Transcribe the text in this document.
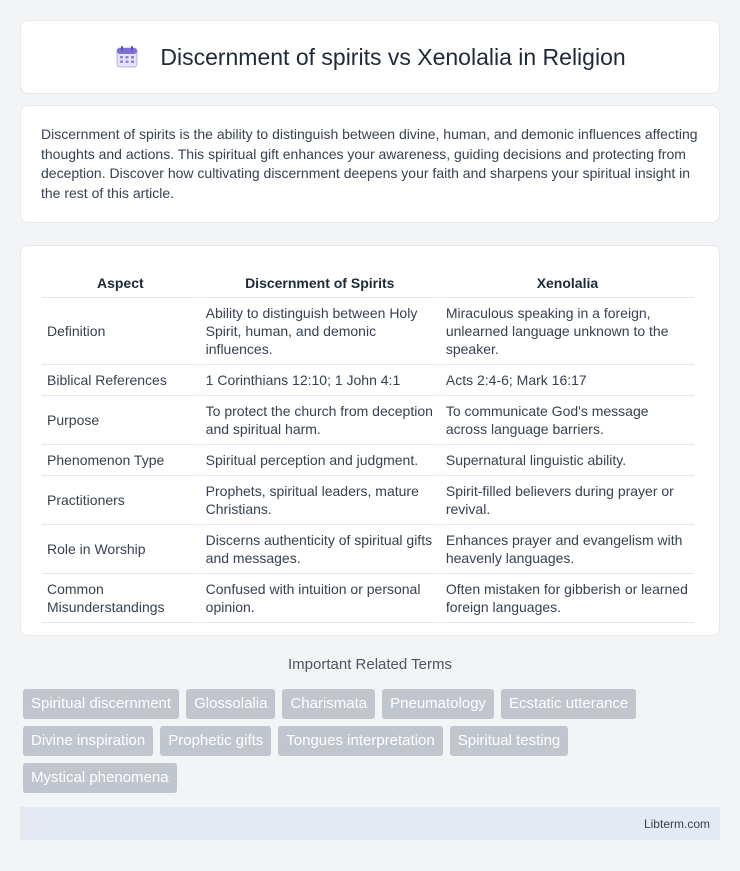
Discernment of spirits vs Xenolalia in Religion

Discernment of spirits is the ability to distinguish between divine, human, and demonic influences affecting thoughts and actions. This spiritual gift enhances your awareness, guiding decisions and protecting from deception. Discover how cultivating discernment deepens your faith and sharpens your spiritual insight in the rest of this article.

Aspect	Discernment of Spirits	Xenolalia
Definition	Ability to distinguish between Holy Spirit, human, and demonic influences.	Miraculous speaking in a foreign, unlearned language unknown to the speaker.
Biblical References	1 Corinthians 12:10; 1 John 4:1	Acts 2:4-6; Mark 16:17
Purpose	To protect the church from deception and spiritual harm.	To communicate God's message across language barriers.
Phenomenon Type	Spiritual perception and judgment.	Supernatural linguistic ability.
Practitioners	Prophets, spiritual leaders, mature Christians.	Spirit-filled believers during prayer or revival.
Role in Worship	Discerns authenticity of spiritual gifts and messages.	Enhances prayer and evangelism with heavenly languages.
Common Misunderstandings	Confused with intuition or personal opinion.	Often mistaken for gibberish or learned foreign languages.
Important Related Terms
Spiritual discernment	Glossolalia	Charismata	Pneumatology	Ecstatic utterance
Divine inspiration	Prophetic gifts	Tongues interpretation	Spiritual testing
Mystical phenomena
Libterm.com
